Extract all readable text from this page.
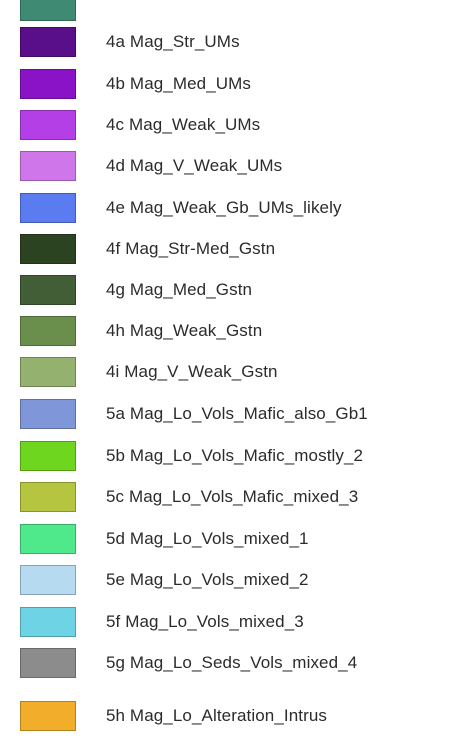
4a Mag_Str_UMs
4b Mag_Med_UMs
4c Mag_Weak_UMs
4d Mag_V_Weak_UMs
4e Mag_Weak_Gb_UMs_likely
4f Mag_Str-Med_Gstn
4g Mag_Med_Gstn
4h Mag_Weak_Gstn
4i Mag_V_Weak_Gstn
5a Mag_Lo_Vols_Mafic_also_Gb1
5b Mag_Lo_Vols_Mafic_mostly_2
5c Mag_Lo_Vols_Mafic_mixed_3
5d Mag_Lo_Vols_mixed_1
5e Mag_Lo_Vols_mixed_2
5f Mag_Lo_Vols_mixed_3
5g Mag_Lo_Seds_Vols_mixed_4
5h Mag_Lo_Alteration_Intrus
